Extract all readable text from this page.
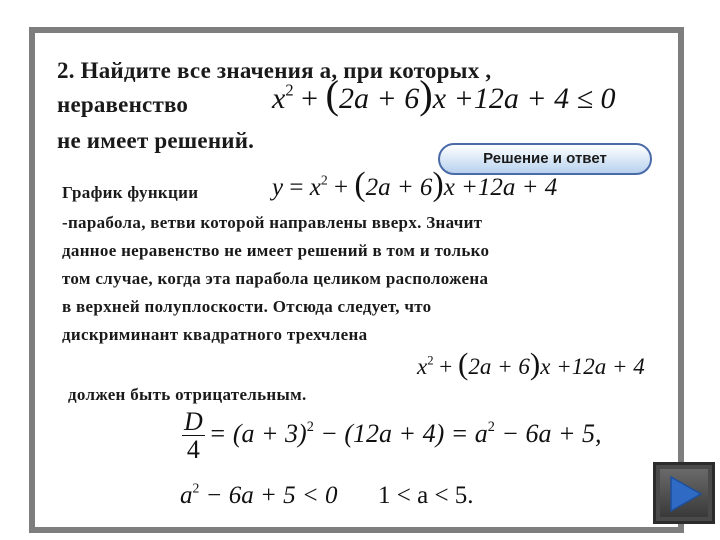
2. Найдите все значения а, при которых ,
неравенство
не имеет решений.
$x^2 + (2a + 6)x +12a + 4 \le 0$
Решение и ответ
График функции	$y = x^2 + (2a + 6)x +12a + 4$
-парабола, ветви которой направлены вверх. Значит
данное неравенство не имеет решений в том и только
том случае, когда эта парабола целиком расположена
в верхней полуплоскости. Отсюда следует, что
дискриминант квадратного трехчлена
$x^2 + (2a + 6)x +12a + 4$
должен быть отрицательным.
$\frac{D}{4} = (a + 3)^2 - (12a + 4) = a^2 - 6a + 5$,
$a^2 - 6a + 5 < 0$ 1 < a < 5.
